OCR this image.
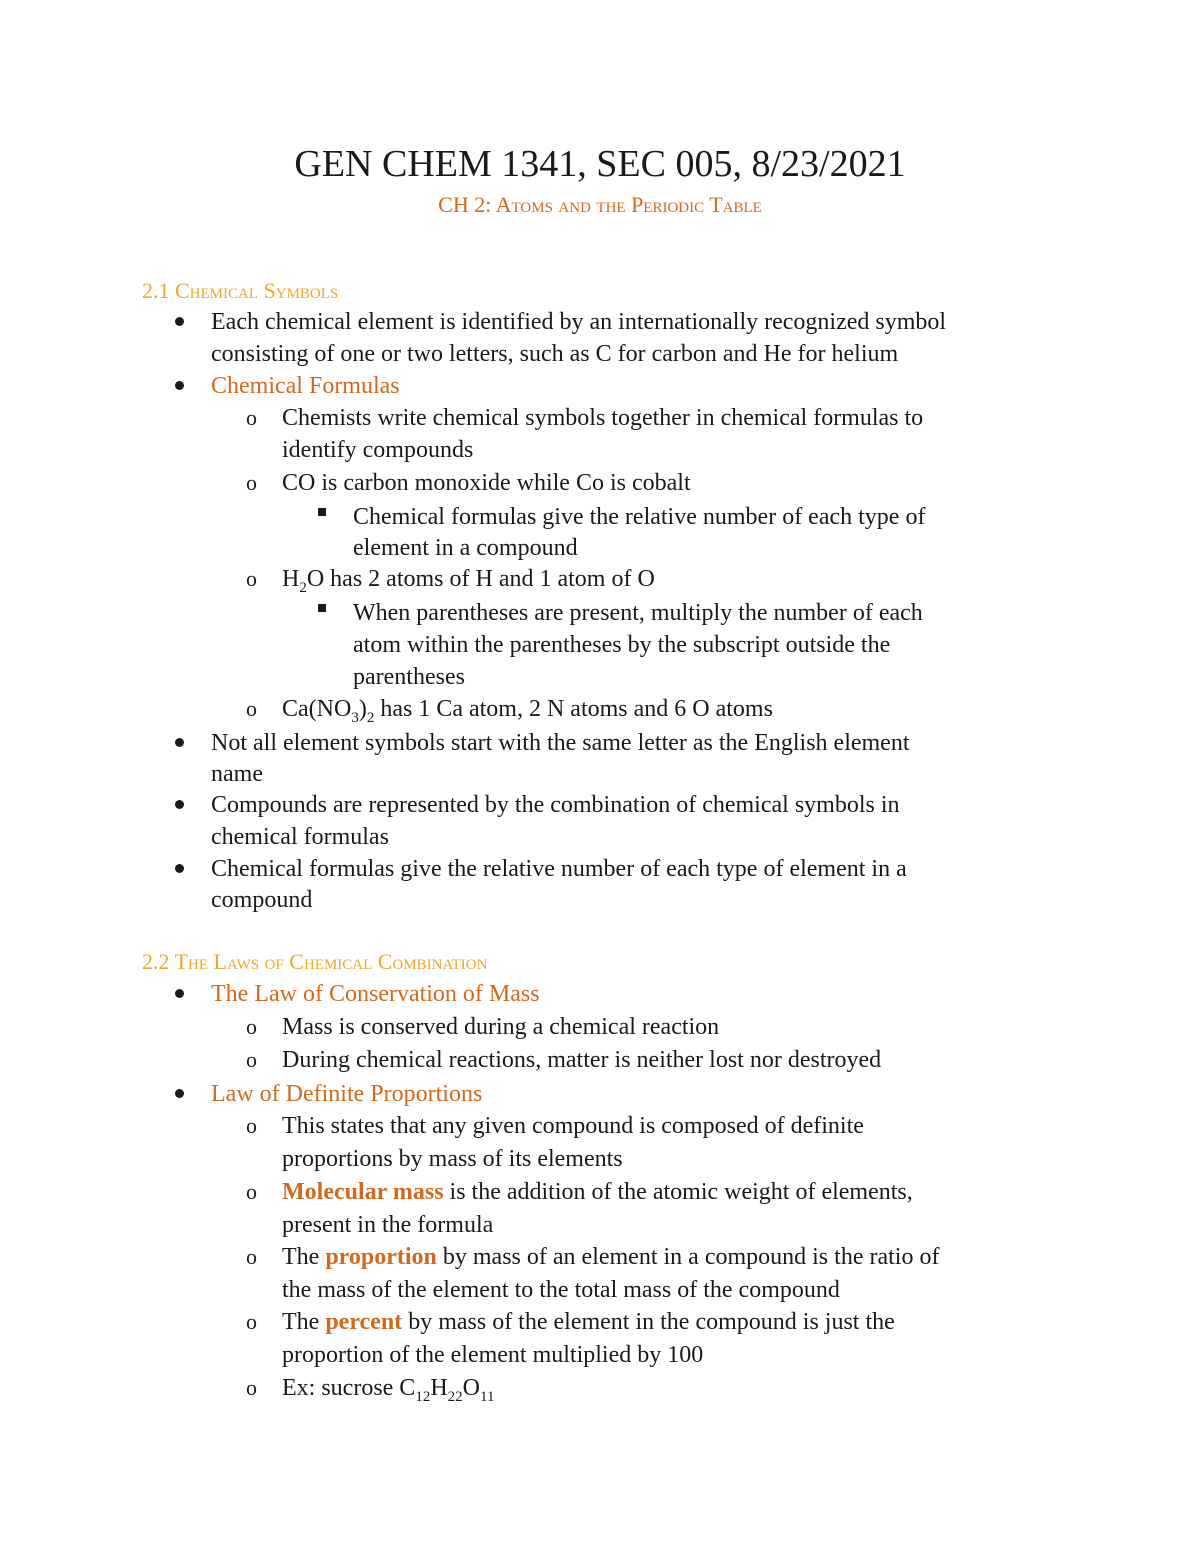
GEN CHEM 1341, SEC 005, 8/23/2021
CH 2: Atoms and the Periodic Table
2.1 Chemical Symbols
Each chemical element is identified by an internationally recognized symbol
consisting of one or two letters, such as C for carbon and He for helium
Chemical Formulas
o Chemists write chemical symbols together in chemical formulas to
identify compounds
o CO is carbon monoxide while Co is cobalt
Chemical formulas give the relative number of each type of
element in a compound
o $H_2O$ has 2 atoms of H and 1 atom of O
When parentheses are present, multiply the number of each
atom within the parentheses by the subscript outside the
parentheses
o $Ca(NO_3)_2$ has 1 Ca atom, 2 N atoms and 6 O atoms
Not all element symbols start with the same letter as the English element
name
Compounds are represented by the combination of chemical symbols in
chemical formulas
Chemical formulas give the relative number of each type of element in a
compound
2.2 The Laws of Chemical Combination
The Law of Conservation of Mass
o Mass is conserved during a chemical reaction
o During chemical reactions, matter is neither lost nor destroyed
Law of Definite Proportions
o This states that any given compound is composed of definite
proportions by mass of its elements
o Molecular mass is the addition of the atomic weight of elements,
present in the formula
o The proportion by mass of an element in a compound is the ratio of
the mass of the element to the total mass of the compound
o The percent by mass of the element in the compound is just the
proportion of the element multiplied by 100
o Ex: sucrose $C_{12}H_{22}O_{11}$
